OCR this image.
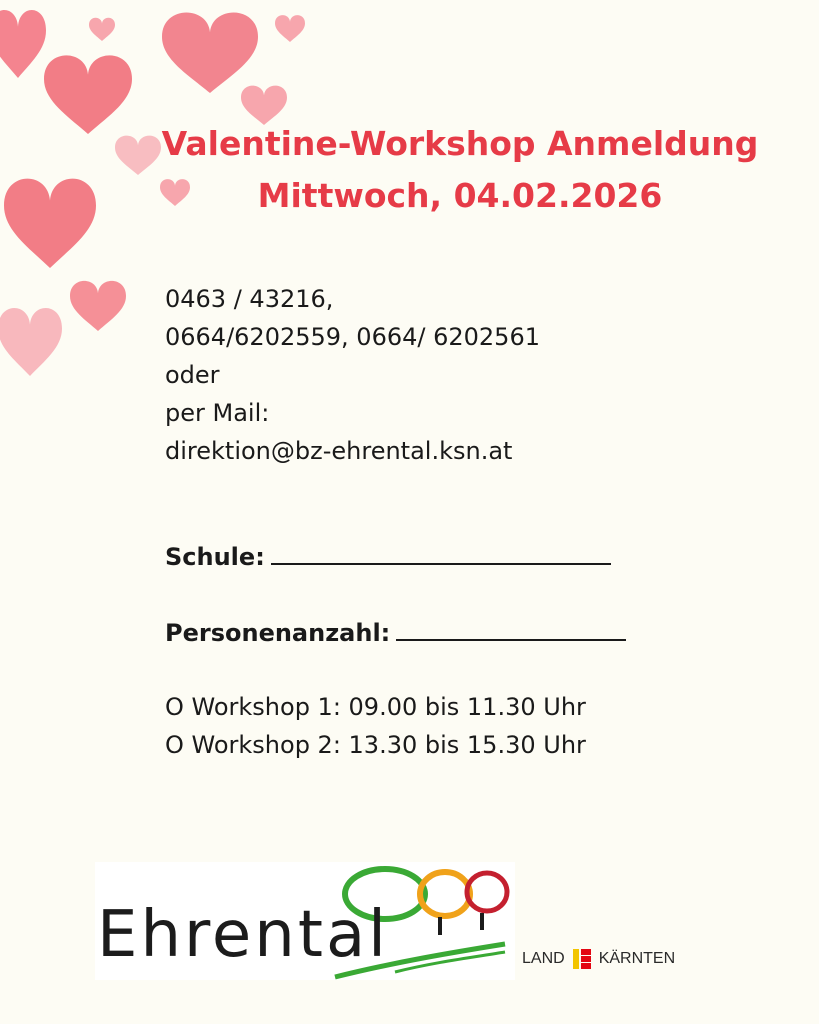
Valentine-Workshop Anmeldung
Mittwoch, 04.02.2026
0463 / 43216,
0664/6202559, 0664/ 6202561
oder
per Mail:
direktion@bz-ehrental.ksn.at
Schule:
Personenanzahl:
O Workshop 1: 09.00 bis 11.30 Uhr
O Workshop 2: 13.30 bis 15.30 Uhr
Ehrental	LAND KÄRNTEN
